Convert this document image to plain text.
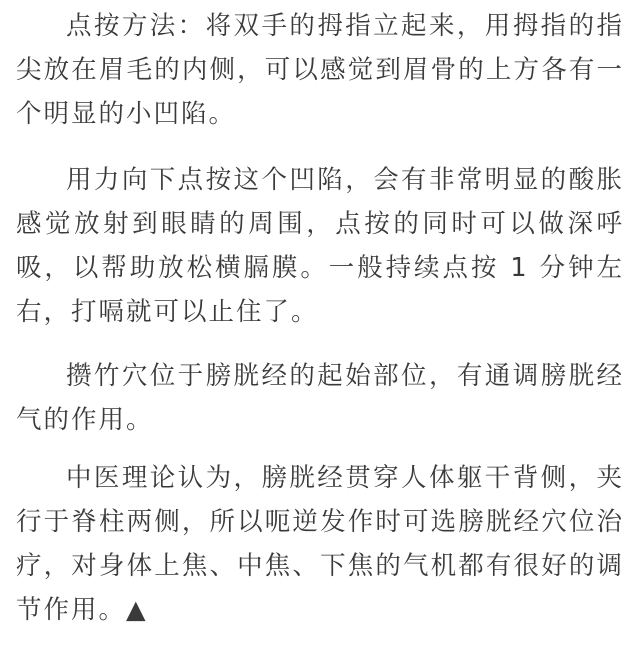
点按方法：将双手的拇指立起来，用拇指的指尖放在眉毛的内侧，可以感觉到眉骨的上方各有一个明显的小凹陷。

用力向下点按这个凹陷，会有非常明显的酸胀感觉放射到眼睛的周围，点按的同时可以做深呼吸，以帮助放松横膈膜。一般持续点按 1 分钟左右，打嗝就可以止住了。

攒竹穴位于膀胱经的起始部位，有通调膀胱经气的作用。

中医理论认为，膀胱经贯穿人体躯干背侧，夹行于脊柱两侧，所以呃逆发作时可选膀胱经穴位治疗，对身体上焦、中焦、下焦的气机都有很好的调节作用。▲
